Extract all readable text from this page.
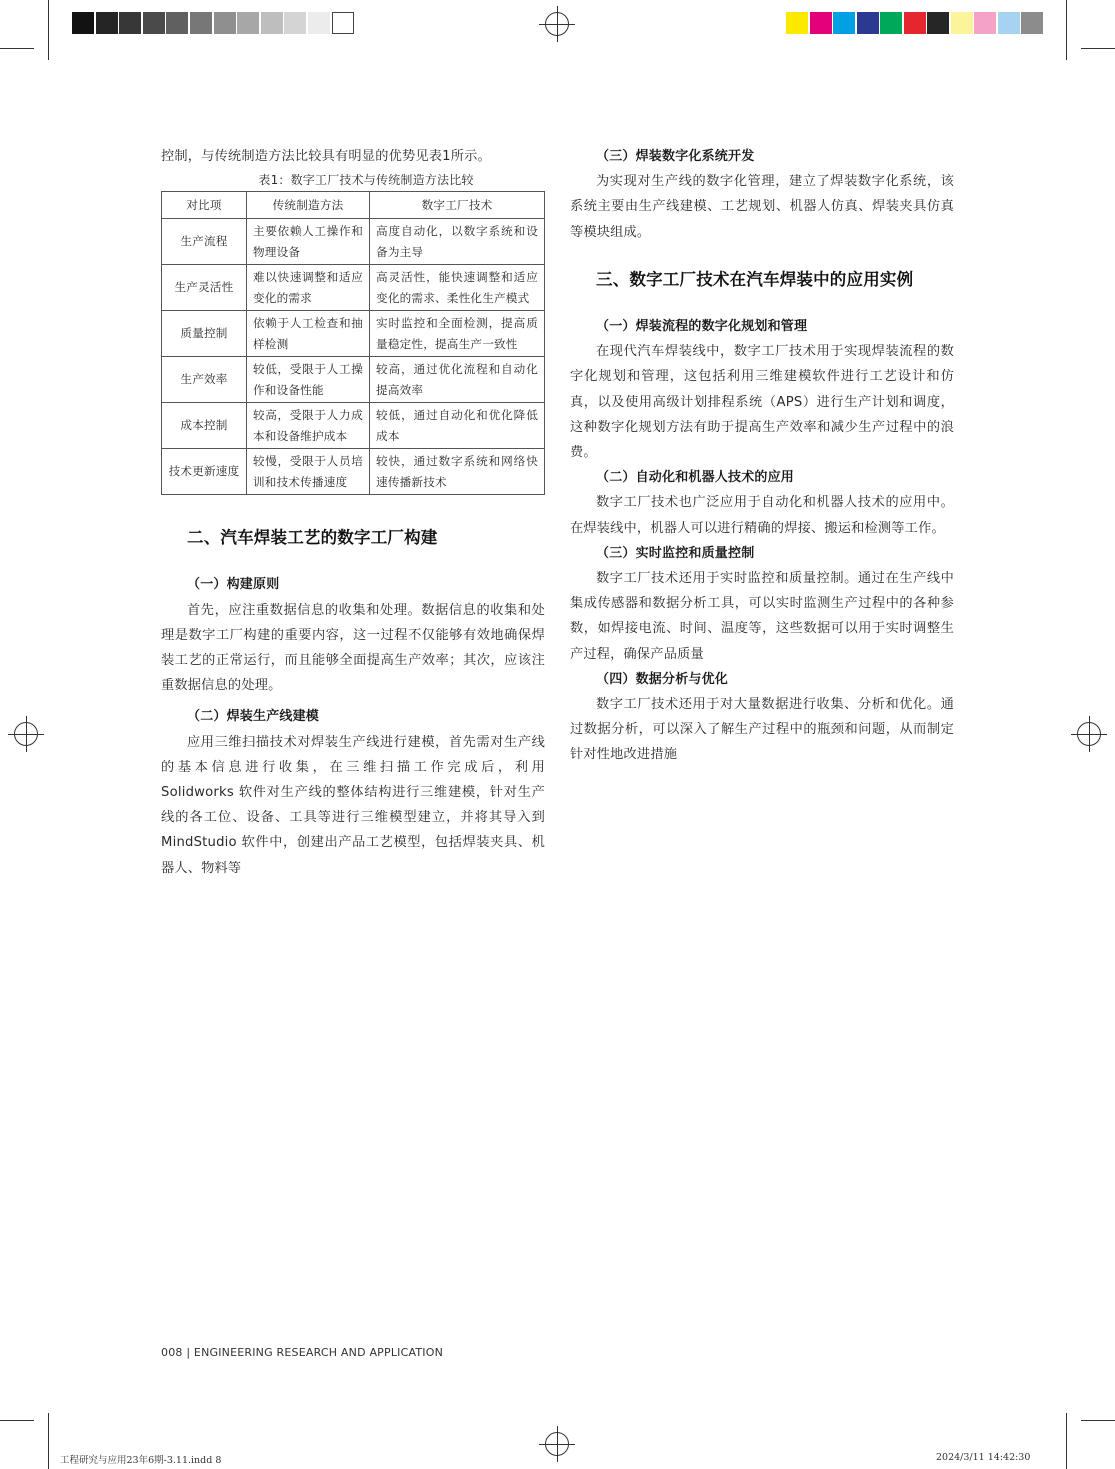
控制，与传统制造方法比较具有明显的优势见表1所示。

表1：数字工厂技术与传统制造方法比较

对比项	传统制造方法	数字工厂技术
生产流程	主要依赖人工操作和物理设备	高度自动化，以数字系统和设备为主导
生产灵活性	难以快速调整和适应变化的需求	高灵活性，能快速调整和适应变化的需求、柔性化生产模式
质量控制	依赖于人工检查和抽样检测	实时监控和全面检测，提高质量稳定性，提高生产一致性
生产效率	较低，受限于人工操作和设备性能	较高，通过优化流程和自动化提高效率
成本控制	较高，受限于人力成本和设备维护成本	较低，通过自动化和优化降低成本
技术更新速度	较慢，受限于人员培训和技术传播速度	较快，通过数字系统和网络快速传播新技术

二、汽车焊装工艺的数字工厂构建

（一）构建原则

首先，应注重数据信息的收集和处理。数据信息的收集和处理是数字工厂构建的重要内容，这一过程不仅能够有效地确保焊装工艺的正常运行，而且能够全面提高生产效率；其次，应该注重数据信息的处理。

（二）焊装生产线建模

应用三维扫描技术对焊装生产线进行建模，首先需对生产线的基本信息进行收集，在三维扫描工作完成后，利用 Solidworks 软件对生产线的整体结构进行三维建模，针对生产线的各工位、设备、工具等进行三维模型建立，并将其导入到 MindStudio 软件中，创建出产品工艺模型，包括焊装夹具、机器人、物料等

（三）焊装数字化系统开发

为实现对生产线的数字化管理，建立了焊装数字化系统，该系统主要由生产线建模、工艺规划、机器人仿真、焊装夹具仿真等模块组成。

三、数字工厂技术在汽车焊装中的应用实例

（一）焊装流程的数字化规划和管理

在现代汽车焊装线中，数字工厂技术用于实现焊装流程的数字化规划和管理，这包括利用三维建模软件进行工艺设计和仿真，以及使用高级计划排程系统（APS）进行生产计划和调度，这种数字化规划方法有助于提高生产效率和减少生产过程中的浪费。

（二）自动化和机器人技术的应用

数字工厂技术也广泛应用于自动化和机器人技术的应用中。在焊装线中，机器人可以进行精确的焊接、搬运和检测等工作。

（三）实时监控和质量控制

数字工厂技术还用于实时监控和质量控制。通过在生产线中集成传感器和数据分析工具，可以实时监测生产过程中的各种参数，如焊接电流、时间、温度等，这些数据可以用于实时调整生产过程，确保产品质量

（四）数据分析与优化

数字工厂技术还用于对大量数据进行收集、分析和优化。通过数据分析，可以深入了解生产过程中的瓶颈和问题，从而制定针对性地改进措施

008 | ENGINEERING RESEARCH AND APPLICATION
工程研究与应用23年6期-3.11.indd 8	2024/3/11 14:42:30
